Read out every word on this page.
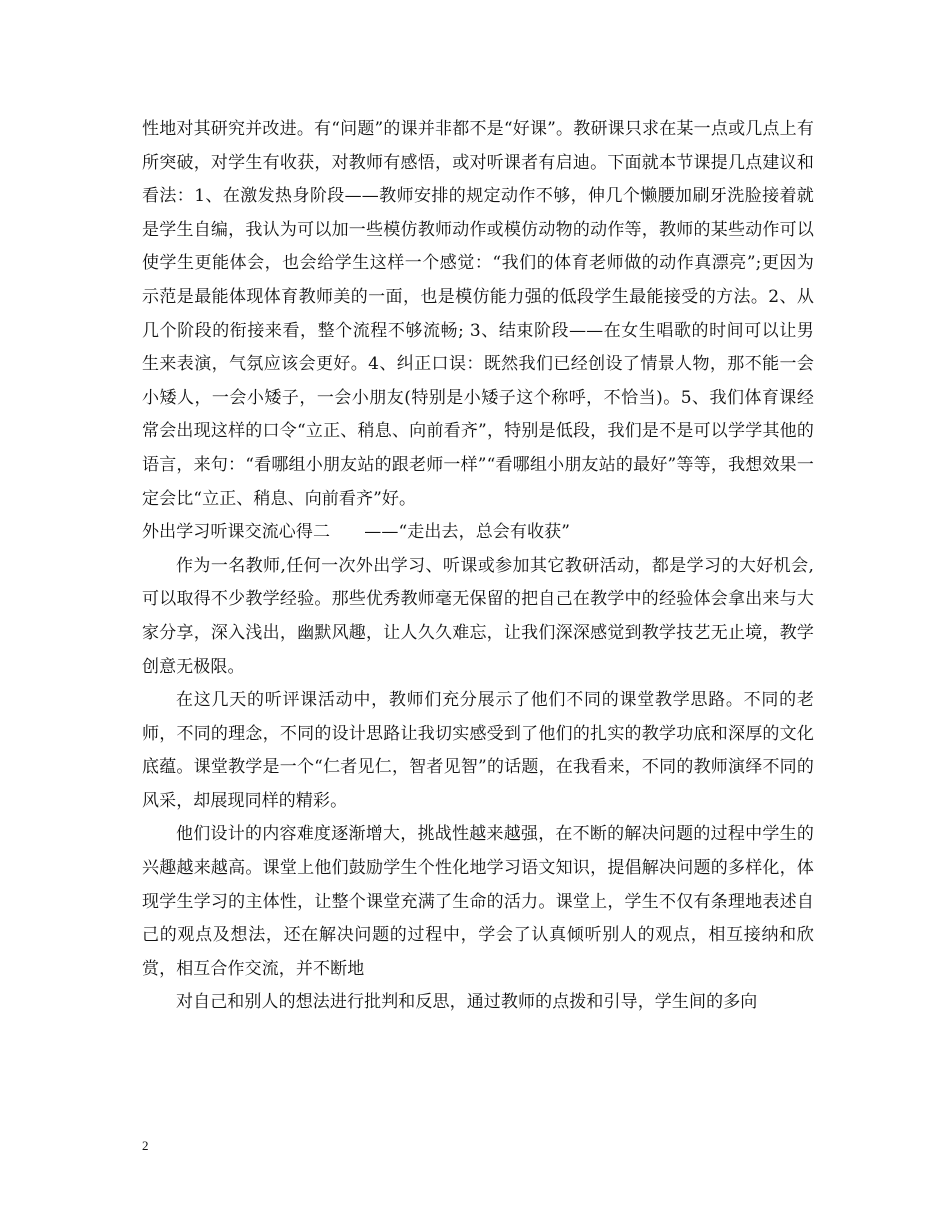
性地对其研究并改进。有“问题”的课并非都不是“好课”。教研课只求在某一点或几点上有所突破，对学生有收获，对教师有感悟，或对听课者有启迪。下面就本节课提几点建议和看法：1、在激发热身阶段——教师安排的规定动作不够，伸几个懒腰加刷牙洗脸接着就是学生自编，我认为可以加一些模仿教师动作或模仿动物的动作等，教师的某些动作可以使学生更能体会，也会给学生这样一个感觉：“我们的体育老师做的动作真漂亮”;更因为示范是最能体现体育教师美的一面，也是模仿能力强的低段学生最能接受的方法。2、从几个阶段的衔接来看，整个流程不够流畅; 3、结束阶段——在女生唱歌的时间可以让男生来表演，气氛应该会更好。4、纠正口误：既然我们已经创设了情景人物，那不能一会小矮人，一会小矮子，一会小朋友(特别是小矮子这个称呼，不恰当)。5、我们体育课经常会出现这样的口令“立正、稍息、向前看齐”，特别是低段，我们是不是可以学学其他的语言，来句：“看哪组小朋友站的跟老师一样”“看哪组小朋友站的最好”等等，我想效果一定会比“立正、稍息、向前看齐”好。

外出学习听课交流心得二　　——“走出去，总会有收获”

作为一名教师,任何一次外出学习、听课或参加其它教研活动，都是学习的大好机会,可以取得不少教学经验。那些优秀教师毫无保留的把自己在教学中的经验体会拿出来与大家分享，深入浅出，幽默风趣，让人久久难忘，让我们深深感觉到教学技艺无止境，教学创意无极限。

在这几天的听评课活动中，教师们充分展示了他们不同的课堂教学思路。不同的老师，不同的理念，不同的设计思路让我切实感受到了他们的扎实的教学功底和深厚的文化底蕴。课堂教学是一个“仁者见仁，智者见智”的话题，在我看来，不同的教师演绎不同的风采，却展现同样的精彩。

他们设计的内容难度逐渐增大，挑战性越来越强，在不断的解决问题的过程中学生的兴趣越来越高。课堂上他们鼓励学生个性化地学习语文知识，提倡解决问题的多样化，体现学生学习的主体性，让整个课堂充满了生命的活力。课堂上，学生不仅有条理地表述自己的观点及想法，还在解决问题的过程中，学会了认真倾听别人的观点，相互接纳和欣赏，相互合作交流，并不断地

对自己和别人的想法进行批判和反思，通过教师的点拨和引导，学生间的多向

2
